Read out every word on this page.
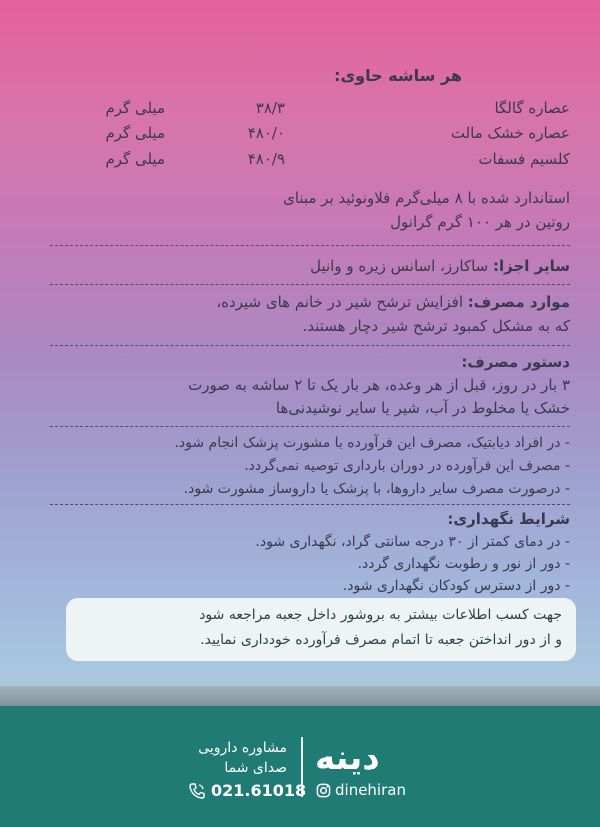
هر ساشه حاوی:
عصاره گالگا
۳۸/۳
میلی گرم
عصاره خشک مالت
۴۸۰/۰
میلی گرم
کلسیم فسفات
۴۸۰/۹
میلی گرم
استاندارد شده با ۸ میلی‌گرم فلاونوئید بر مبنای
روتین در هر ۱۰۰ گرم گرانول
سایر اجزا: ساکارز، اسانس زیره و وانیل
موارد مصرف: افزایش ترشح شیر در خانم های شیرده،
که به مشکل کمبود ترشح شیر دچار هستند.
دستور مصرف:
۳ بار در روز، قبل از هر وعده، هر بار یک تا ۲ ساشه به صورت
خشک یا مخلوط در آب، شیر یا سایر نوشیدنی‌ها
- در افراد دیابتیک، مصرف این فرآورده با مشورت پزشک انجام شود.
- مصرف این فرآورده در دوران بارداری توصیه نمی‌گردد.
- درصورت مصرف سایر داروها، با پزشک یا داروساز مشورت شود.
شرایط نگهداری:
- در دمای کمتر از ۳۰ درجه سانتی گراد، نگهداری شود.
- دور از نور و رطوبت نگهداری گردد.
- دور از دسترس کودکان نگهداری شود.
جهت کسب اطلاعات بیشتر به بروشور داخل جعبه مراجعه شود
و از دور انداختن جعبه تا اتمام مصرف فرآورده خودداری نمایید.
دینه
dinehiran
مشاوره دارویی
صدای شما
021.61018
